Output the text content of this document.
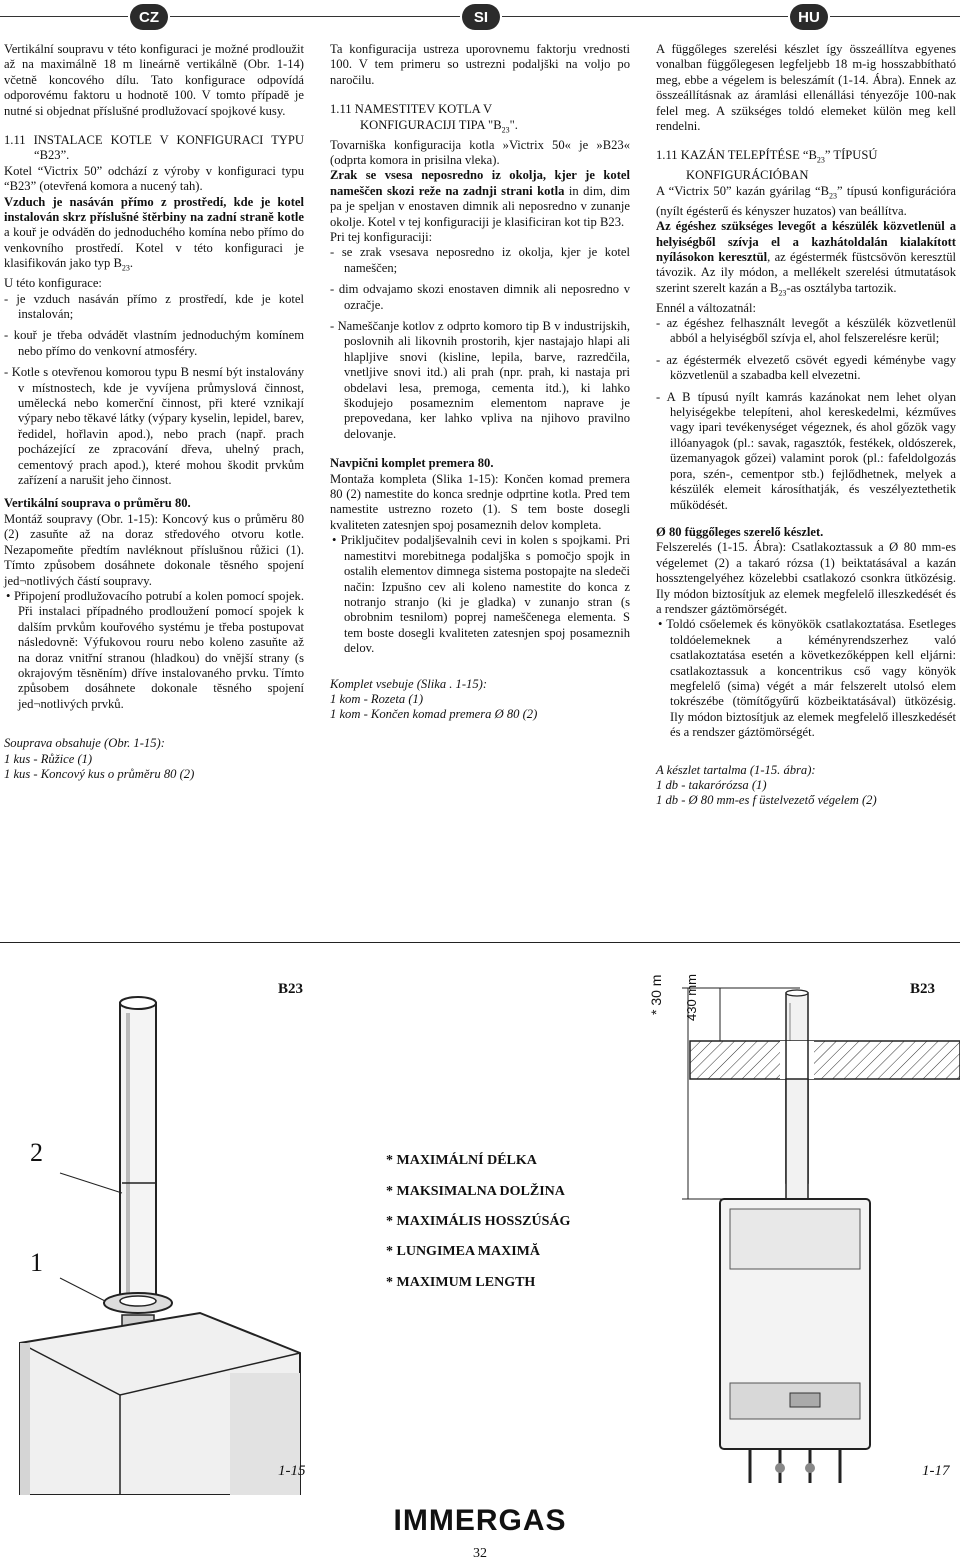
CZ	SI	HU

Vertikální soupravu v této konfiguraci je možné prodloužit až na maximálně 18 m lineárně vertikálně (Obr. 1-14) včetně koncového dílu. Tato konfigurace odpovídá odporovému faktoru u hodnotě 100. V tomto případě je nutné si objednat příslušné prodlužovací spojkové kusy.

1.11 INSTALACE KOTLE V KONFIGURACI TYPU “B23”.

Kotel “Victrix 50” odchází z výroby v konfiguraci typu “B23” (otevřená komora a nucený tah).

Vzduch je nasáván přímo z prostředí, kde je kotel instalován skrz příslušné štěrbiny na zadní straně kotle a kouř je odváděn do jednoduchého komína nebo přímo do venkovního prostředí. Kotel v této konfiguraci je klasifikován jako typ $B_{23}$.

U této konfigurace:

- je vzduch nasáván přímo z prostředí, kde je kotel instalován;

- kouř je třeba odvádět vlastním jednoduchým komínem nebo přímo do venkovní atmosféry.

- Kotle s otevřenou komorou typu B nesmí být instalovány v místnostech, kde je vyvíjena průmyslová činnost, umělecká nebo komerční činnost, při které vznikají výpary nebo těkavé látky (výpary kyselin, lepidel, barev, ředidel, hořlavin apod.), nebo prach (např. prach pocházející ze zpracování dřeva, uhelný prach, cementový prach apod.), které mohou škodit prvkům zařízení a narušit jeho činnost.

Vertikální souprava o průměru 80.

Montáž soupravy (Obr. 1-15): Koncový kus o průměru 80 (2) zasuňte až na doraz středového otvoru kotle. Nezapomeňte předtím navléknout příslušnou růžici (1). Tímto způsobem dosáhnete dokonale těsného spojení jed¬notlivých částí soupravy.

• Připojení prodlužovacího potrubí a kolen pomocí spojek. Při instalaci případného prodloužení pomocí spojek k dalším prvkům kouřového systému je třeba postupovat následovně: Výfukovou rouru nebo koleno zasuňte až na doraz vnitřní stranou (hladkou) do vnější strany (s okrajovým těsněním) dříve instalovaného prvku. Tímto způsobem dosáhnete dokonale těsného spojení jed¬notlivých prvků.

Souprava obsahuje (Obr. 1-15):

1 kus - Růžice (1)

1 kus - Koncový kus o průměru 80 (2)

Ta konfiguracija ustreza uporovnemu faktorju vrednosti 100. V tem primeru so ustrezni podaljški na voljo po naročilu.

1.11 NAMESTITEV KOTLA V

KONFIGURACIJI TIPA "$B_{23}$".

Tovarniška konfiguracija kotla »Victrix 50« je »B23« (odprta komora in prisilna vleka).

Zrak se vsesa neposredno iz okolja, kjer je kotel nameščen skozi reže na zadnji strani kotla in dim, dim pa je speljan v enostaven dimnik ali neposredno v zunanje okolje. Kotel v tej konfiguraciji je klasificiran kot tip B23.

Pri tej konfiguraciji:

- se zrak vsesava neposredno iz okolja, kjer je kotel nameščen;

- dim odvajamo skozi enostaven dimnik ali neposredno v ozračje.

- Nameščanje kotlov z odprto komoro tip B v industrijskih, poslovnih ali likovnih prostorih, kjer nastajajo hlapi ali hlapljive snovi (kisline, lepila, barve, razredčila, vnetljive snovi itd.) ali prah (npr. prah, ki nastaja pri obdelavi lesa, premoga, cementa itd.), ki lahko škodujejo posameznim elementom naprave je prepovedana, ker lahko vpliva na njihovo pravilno delovanje.

Navpični komplet premera 80.

Montaža kompleta (Slika 1-15): Končen komad premera 80 (2) namestite do konca srednje odprtine kotla. Pred tem namestite ustrezno rozeto (1). S tem boste dosegli kvaliteten zatesnjen spoj posameznih delov kompleta.

• Priključitev podaljševalnih cevi in kolen s spojkami. Pri namestitvi morebitnega podaljška s pomočjo spojk in ostalih elementov dimnega sistema postopajte na sledeči način: Izpušno cev ali koleno namestite do konca z notranjo stranjo (ki je gladka) v zunanjo stran (s obrobnim tesnilom) poprej nameščenega elementa. S tem boste dosegli kvaliteten zatesnjen spoj posameznih delov.

Komplet vsebuje (Slika . 1-15):

1 kom - Rozeta (1)

1 kom - Končen komad premera Ø 80 (2)

A függőleges szerelési készlet így összeállítva egyenes vonalban függőlegesen legfeljebb 18 m-ig hosszabbítható meg, ebbe a végelem is beleszámít (1-14. Ábra). Ennek az összeállításnak az áramlási ellenállási tényezője 100-nak felel meg. A szükséges toldó elemeket külön meg kell rendelni.

1.11 KAZÁN TELEPÍTÉSE “$B_{23}$” TÍPUSÚ

KONFIGURÁCIÓBAN

A “Victrix 50” kazán gyárilag “$B_{23}$” típusú konfigurációra (nyílt égésterű és kényszer huzatos) van beállítva.

Az égéshez szükséges levegőt a készülék közvetlenül a helyiségből szívja el a kazhátoldalán kialakított nyílásokon keresztül, az égéstermék füstcsövön keresztül távozik. Az ily módon, a mellékelt szerelési útmutatások szerint szerelt kazán a $B_{23}-as$ osztályba tartozik.

Ennél a változatnál:

- az égéshez felhasznált levegőt a készülék közvetlenül abból a helyiségből szívja el, ahol felszerelésre kerül;

- az égéstermék elvezető csövét egyedi kéménybe vagy közvetlenül a szabadba kell elvezetni.

- A B típusú nyílt kamrás kazánokat nem lehet olyan helyiségekbe telepíteni, ahol kereskedelmi, kézműves vagy ipari tevékenységet végeznek, és ahol gőzök vagy illóanyagok (pl.: savak, ragasztók, festékek, oldószerek, üzemanyagok gőzei) valamint porok (pl.: fafeldolgozás pora, szén-, cementpor stb.) fejlődhetnek, melyek a készülék elemeit károsíthatják, és veszélyeztethetik működését.

Ø 80 függőleges szerelő készlet.

Felszerelés (1-15. Ábra): Csatlakoztassuk a Ø 80 mm-es végelemet (2) a takaró rózsa (1) beiktatásával a kazán hossztengelyéhez közelebbi csatlakozó csonkra ütközésig. Ily módon biztosítjuk az elemek megfelelő illeszkedését és a rendszer gáztömörségét.

• Toldó csőelemek és könyökök csatlakoztatása. Esetleges toldóelemeknek a kéményrendszerhez való csatlakoztatása esetén a következőképpen kell eljárni: csatlakoztassuk a koncentrikus cső vagy könyök megfelelő (sima) végét a már felszerelt utolsó elem tokrészébe (tömítőgyűrű közbeiktatásával) ütközésig. Ily módon biztosítjuk az elemek megfelelő illeszkedését és a rendszer gáztömörségét.

A készlet tartalma (1-15. ábra):

1 db - takarórózsa (1)

1 db - Ø 80 mm-es f üstelvezető végelem (2)

B23
2
1
1-15
* MAXIMÁLNÍ DÉLKA
* MAKSIMALNA DOLŽINA
* MAXIMÁLIS HOSSZÚSÁG
* LUNGIMEA MAXIMĂ
* MAXIMUM LENGTH
B23
* 30 m 430 mm
1-17
IMMERGAS
32
